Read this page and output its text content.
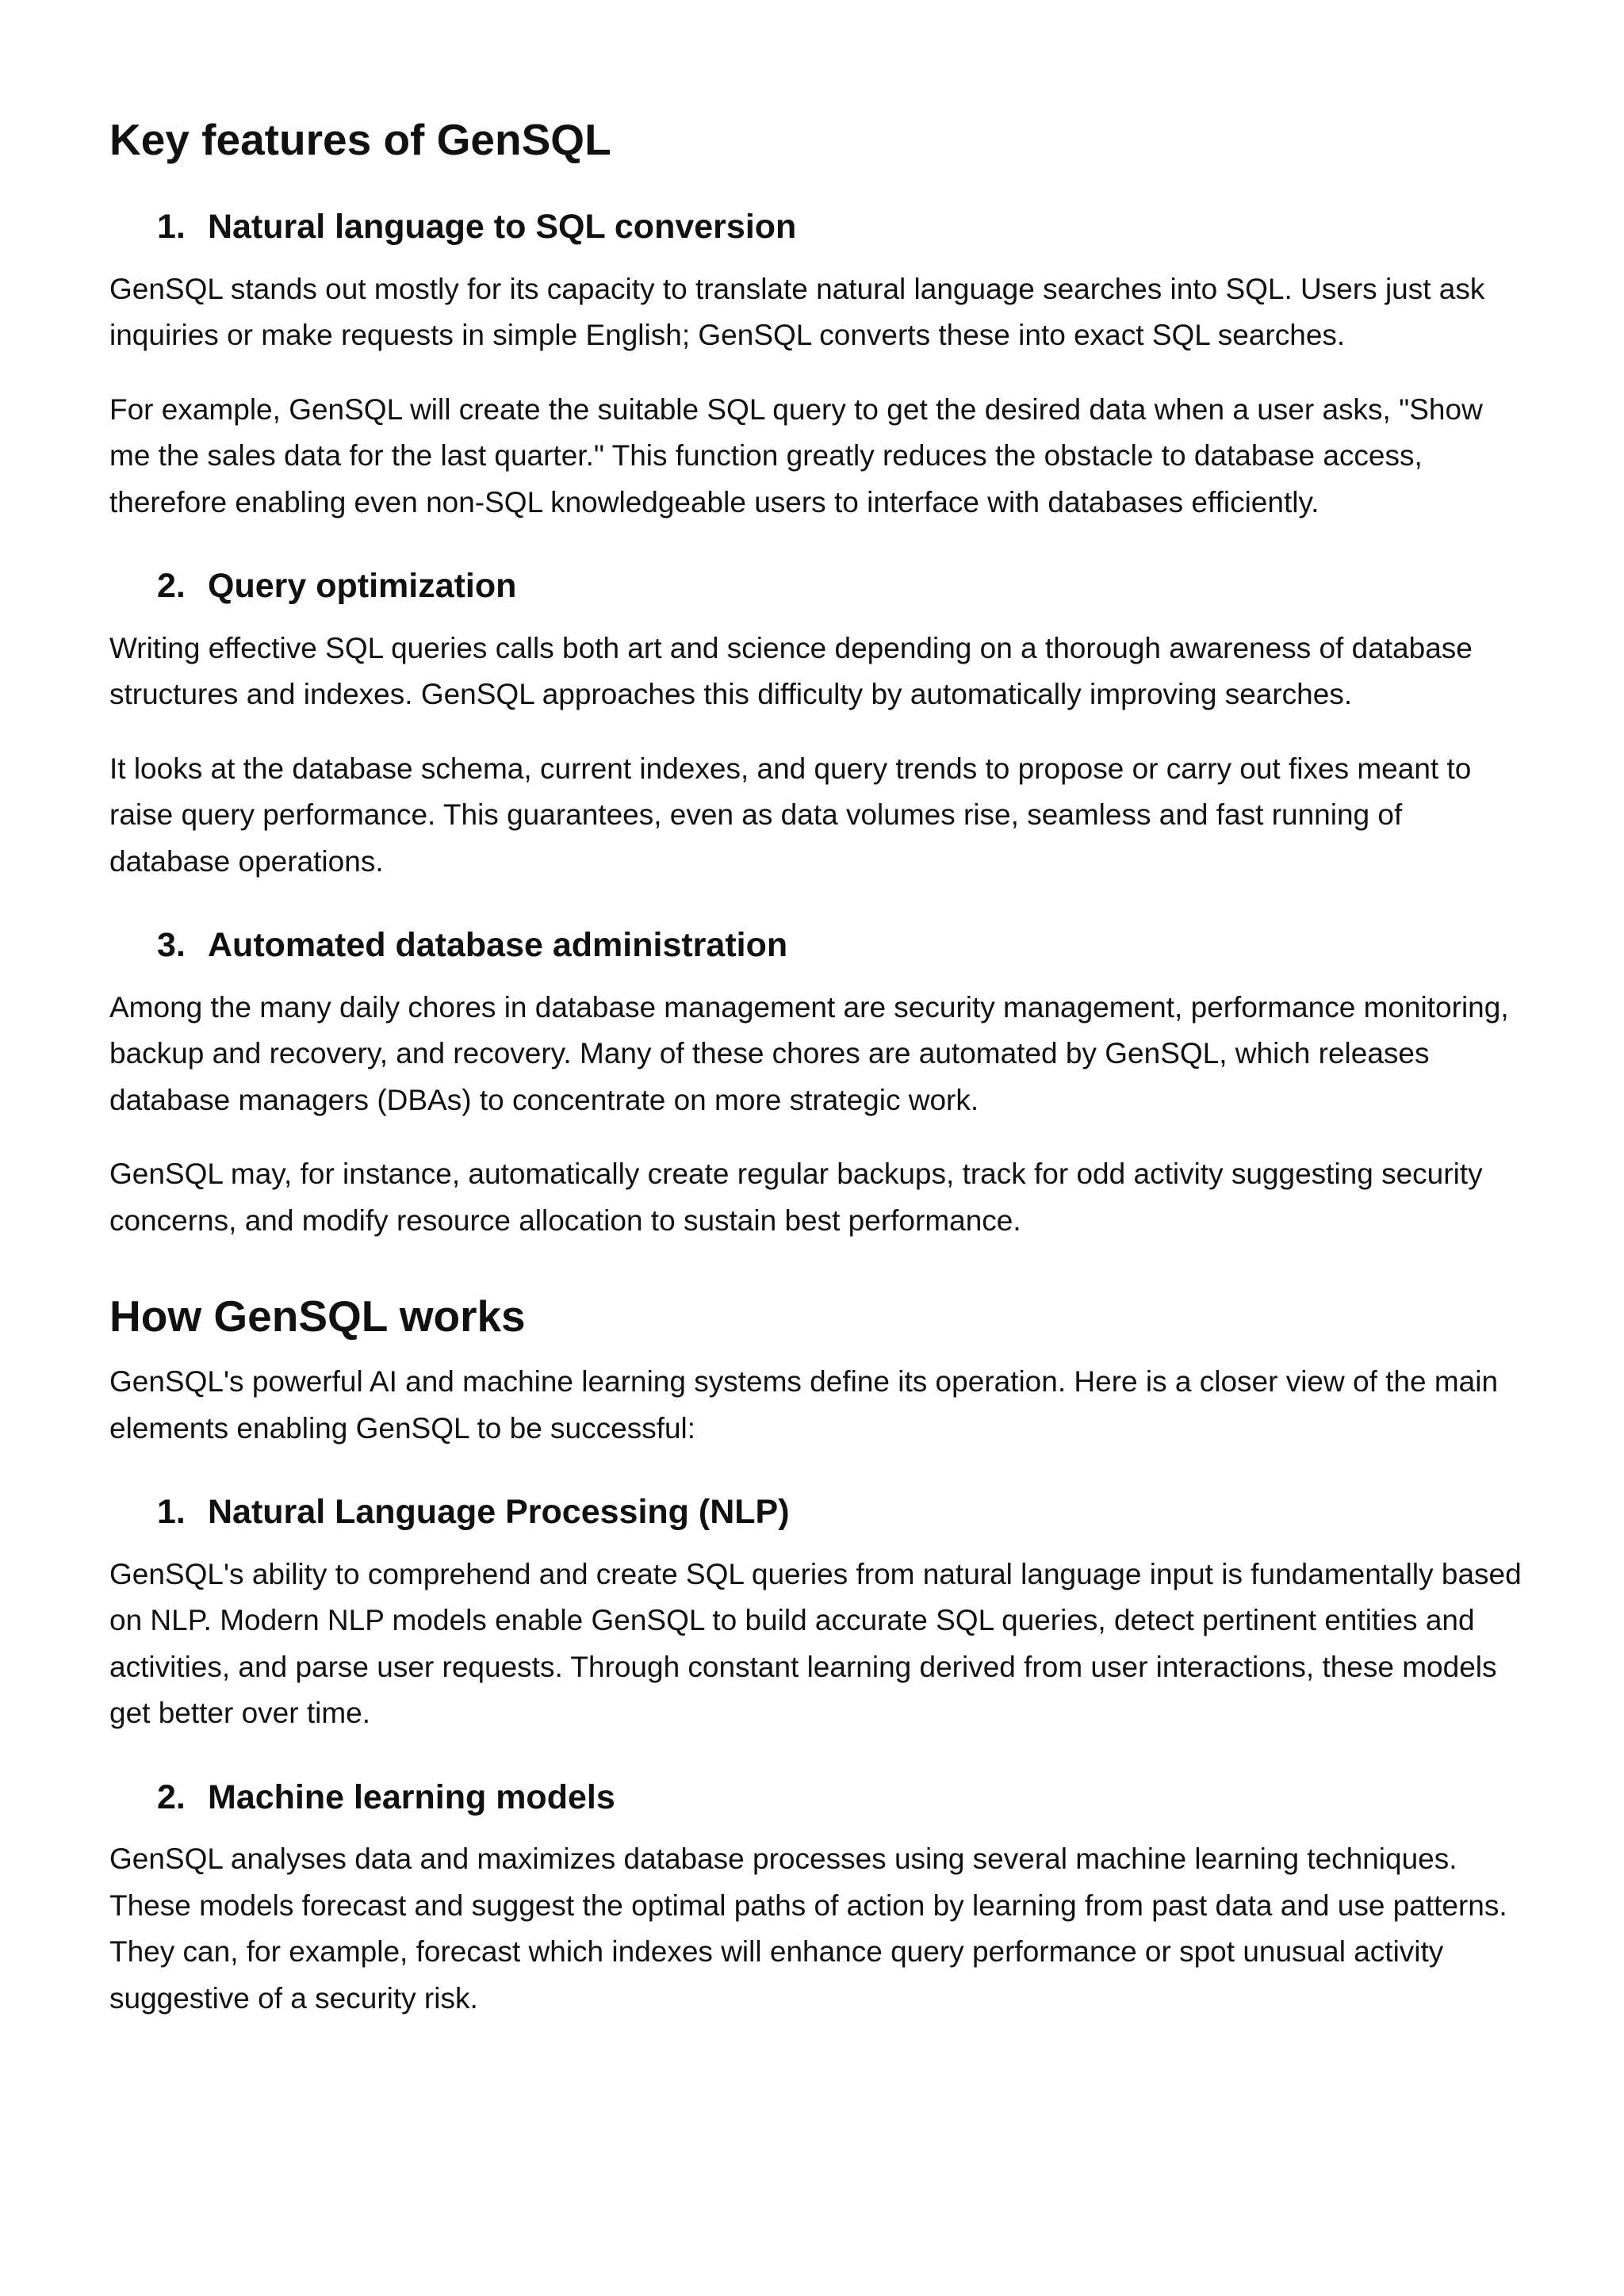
Key features of GenSQL
1. Natural language to SQL conversion

GenSQL stands out mostly for its capacity to translate natural language searches into SQL. Users just ask inquiries or make requests in simple English; GenSQL converts these into exact SQL searches.

For example, GenSQL will create the suitable SQL query to get the desired data when a user asks, "Show me the sales data for the last quarter." This function greatly reduces the obstacle to database access, therefore enabling even non-SQL knowledgeable users to interface with databases efficiently.

2. Query optimization

Writing effective SQL queries calls both art and science depending on a thorough awareness of database structures and indexes. GenSQL approaches this difficulty by automatically improving searches.

It looks at the database schema, current indexes, and query trends to propose or carry out fixes meant to raise query performance. This guarantees, even as data volumes rise, seamless and fast running of database operations.

3. Automated database administration

Among the many daily chores in database management are security management, performance monitoring, backup and recovery, and recovery. Many of these chores are automated by GenSQL, which releases database managers (DBAs) to concentrate on more strategic work.

GenSQL may, for instance, automatically create regular backups, track for odd activity suggesting security concerns, and modify resource allocation to sustain best performance.

How GenSQL works

GenSQL's powerful AI and machine learning systems define its operation. Here is a closer view of the main elements enabling GenSQL to be successful:

1. Natural Language Processing (NLP)

GenSQL's ability to comprehend and create SQL queries from natural language input is fundamentally based on NLP. Modern NLP models enable GenSQL to build accurate SQL queries, detect pertinent entities and activities, and parse user requests. Through constant learning derived from user interactions, these models get better over time.

2. Machine learning models

GenSQL analyses data and maximizes database processes using several machine learning techniques. These models forecast and suggest the optimal paths of action by learning from past data and use patterns. They can, for example, forecast which indexes will enhance query performance or spot unusual activity suggestive of a security risk.
